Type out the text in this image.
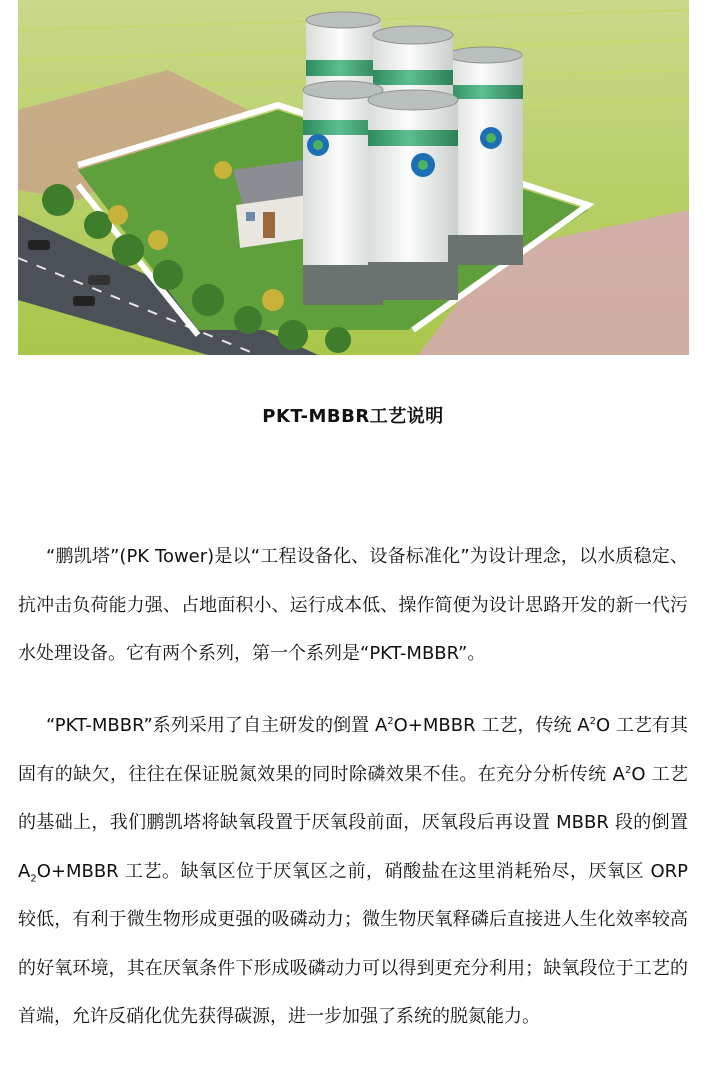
PKT-MBBR工艺说明

“鹏凯塔”(PK Tower)是以“工程设备化、设备标准化”为设计理念，以水质稳定、抗冲击负荷能力强、占地面积小、运行成本低、操作简便为设计思路开发的新一代污水处理设备。它有两个系列，第一个系列是“PKT-MBBR”。

“PKT-MBBR”系列采用了自主研发的倒置 $A^2O+MBBR$ 工艺，传统 $A^2O$ 工艺有其固有的缺欠，往往在保证脱氮效果的同时除磷效果不佳。在充分分析传统 $A^2O$ 工艺的基础上，我们鹏凯塔将缺氧段置于厌氧段前面，厌氧段后再设置 MBBR 段的倒置 $A_2O+MBBR$ 工艺。缺氧区位于厌氧区之前，硝酸盐在这里消耗殆尽，厌氧区 ORP 较低，有利于微生物形成更强的吸磷动力；微生物厌氧释磷后直接进人生化效率较高的好氧环境，其在厌氧条件下形成吸磷动力可以得到更充分利用；缺氧段位于工艺的首端，允许反硝化优先获得碳源，进一步加强了系统的脱氮能力。
